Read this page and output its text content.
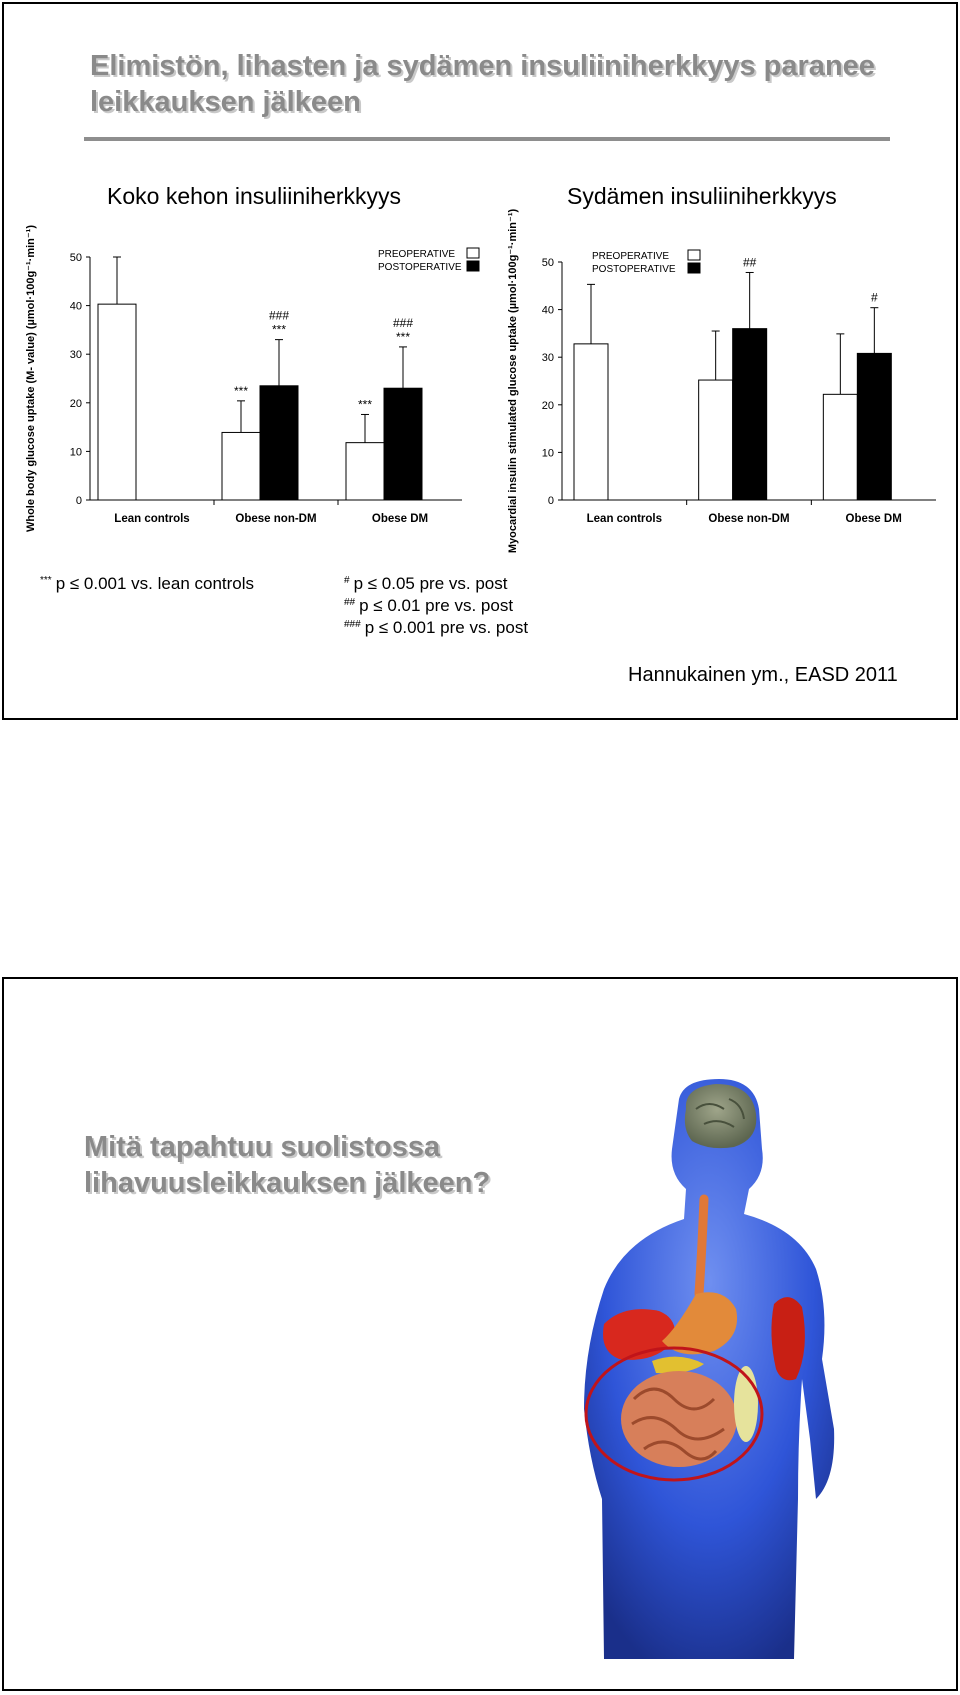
Elimistön, lihasten ja sydämen insuliiniherkkyys paranee leikkauksen jälkeen
Koko kehon insuliiniherkkyys	Sydämen insuliiniherkkyys
0
10
20
30
40
50
Whole body glucose uptake (M- value) (µmol·100g⁻¹·min⁻¹)	Lean controls	Obese non-DM
***
###
***
Obese DM
***
###
***
PREOPERATIVE
POSTOPERATIVE
0
10
20
30
40
50
Myocardial insulin stimulated glucose uptake (µmol·100g⁻¹·min⁻¹)	Lean controls	Obese non-DM
##
Obese DM
#
PREOPERATIVE
POSTOPERATIVE
*** p ≤ 0.001 vs. lean controls	# p ≤ 0.05 pre vs. post
## p ≤ 0.01 pre vs. post
### p ≤ 0.001 pre vs. post
Hannukainen ym., EASD 2011
Mitä tapahtuu suolistossa lihavuusleikkauksen jälkeen?
